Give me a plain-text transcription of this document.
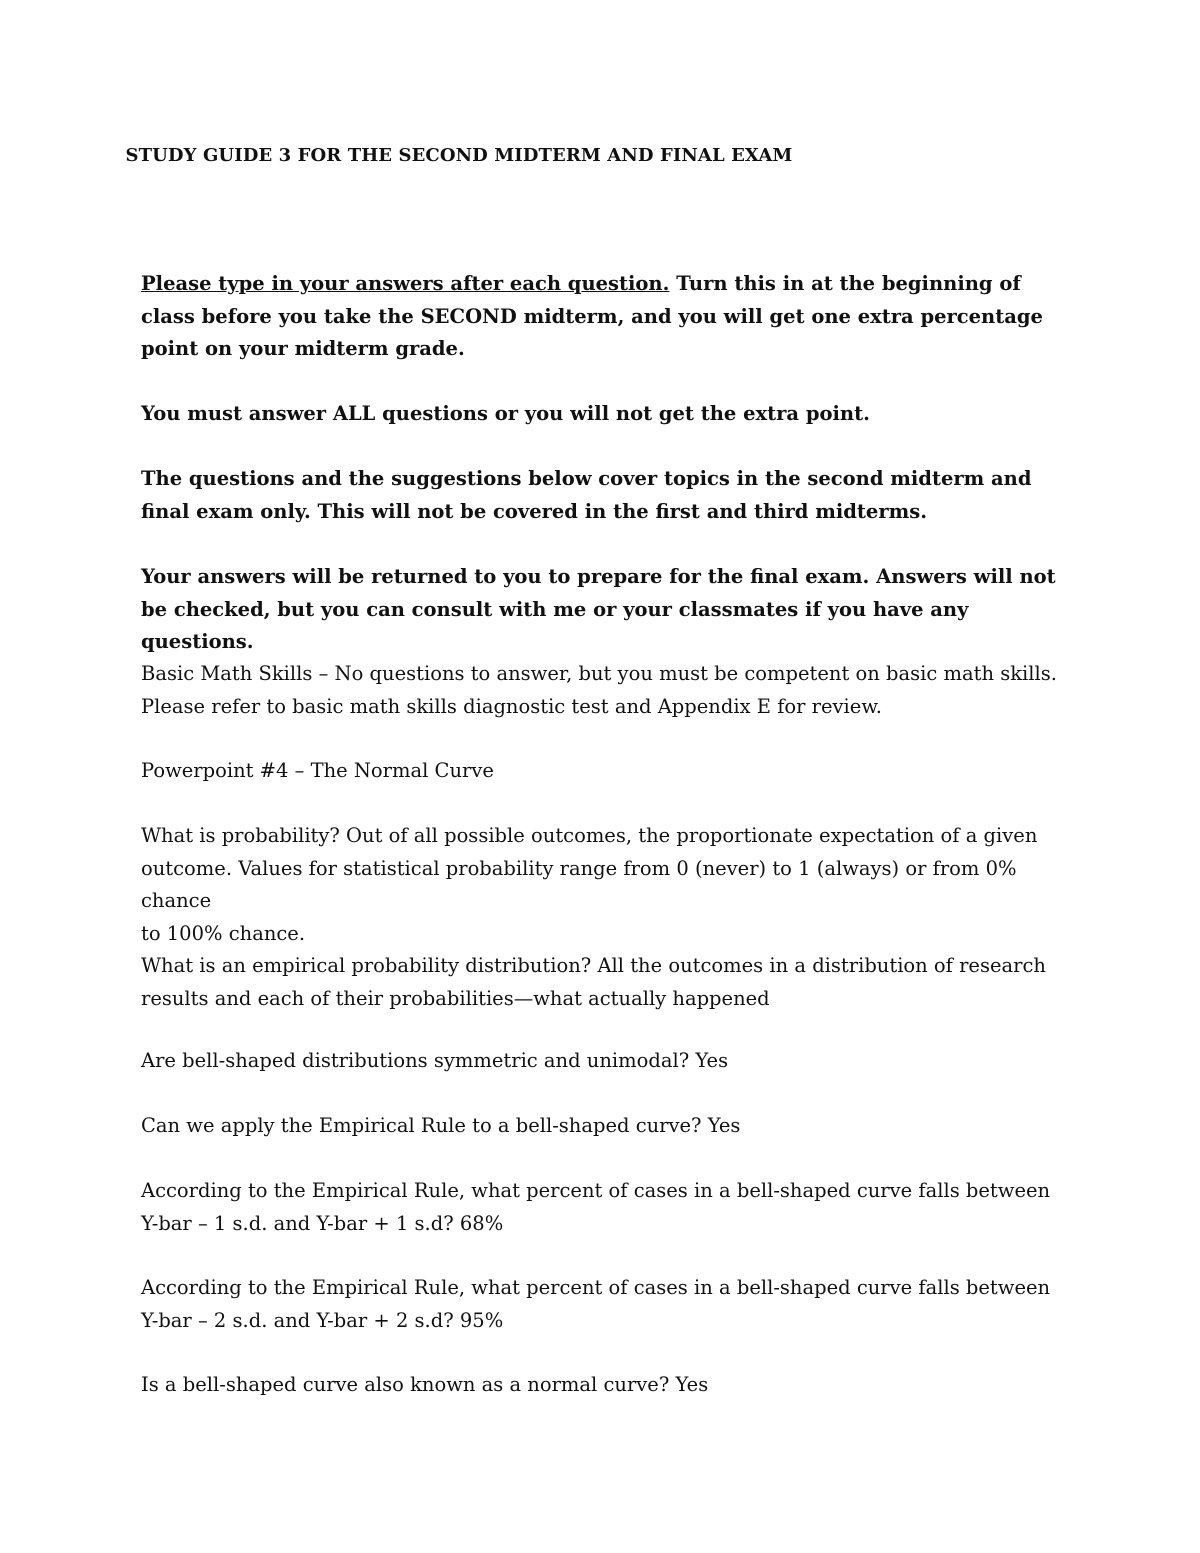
STUDY GUIDE 3 FOR THE SECOND MIDTERM AND FINAL EXAM

Please type in your answers after each question. Turn this in at the beginning of class before you take the SECOND midterm, and you will get one extra percentage point on your midterm grade.

You must answer ALL questions or you will not get the extra point.

The questions and the suggestions below cover topics in the second midterm and final exam only. This will not be covered in the first and third midterms.

Your answers will be returned to you to prepare for the final exam. Answers will not be checked, but you can consult with me or your classmates if you have any questions.

Basic Math Skills – No questions to answer, but you must be competent on basic math skills.
Please refer to basic math skills diagnostic test and Appendix E for review.

Powerpoint #4 – The Normal Curve

What is probability? Out of all possible outcomes, the proportionate expectation of a given
outcome. Values for statistical probability range from 0 (never) to 1 (always) or from 0% chance
to 100% chance.

What is an empirical probability distribution? All the outcomes in a distribution of research
results and each of their probabilities—what actually happened

Are bell-shaped distributions symmetric and unimodal? Yes

Can we apply the Empirical Rule to a bell-shaped curve? Yes

According to the Empirical Rule, what percent of cases in a bell-shaped curve falls between
Y-bar – 1 s.d. and Y-bar + 1 s.d? 68%

According to the Empirical Rule, what percent of cases in a bell-shaped curve falls between
Y-bar – 2 s.d. and Y-bar + 2 s.d? 95%

Is a bell-shaped curve also known as a normal curve? Yes
